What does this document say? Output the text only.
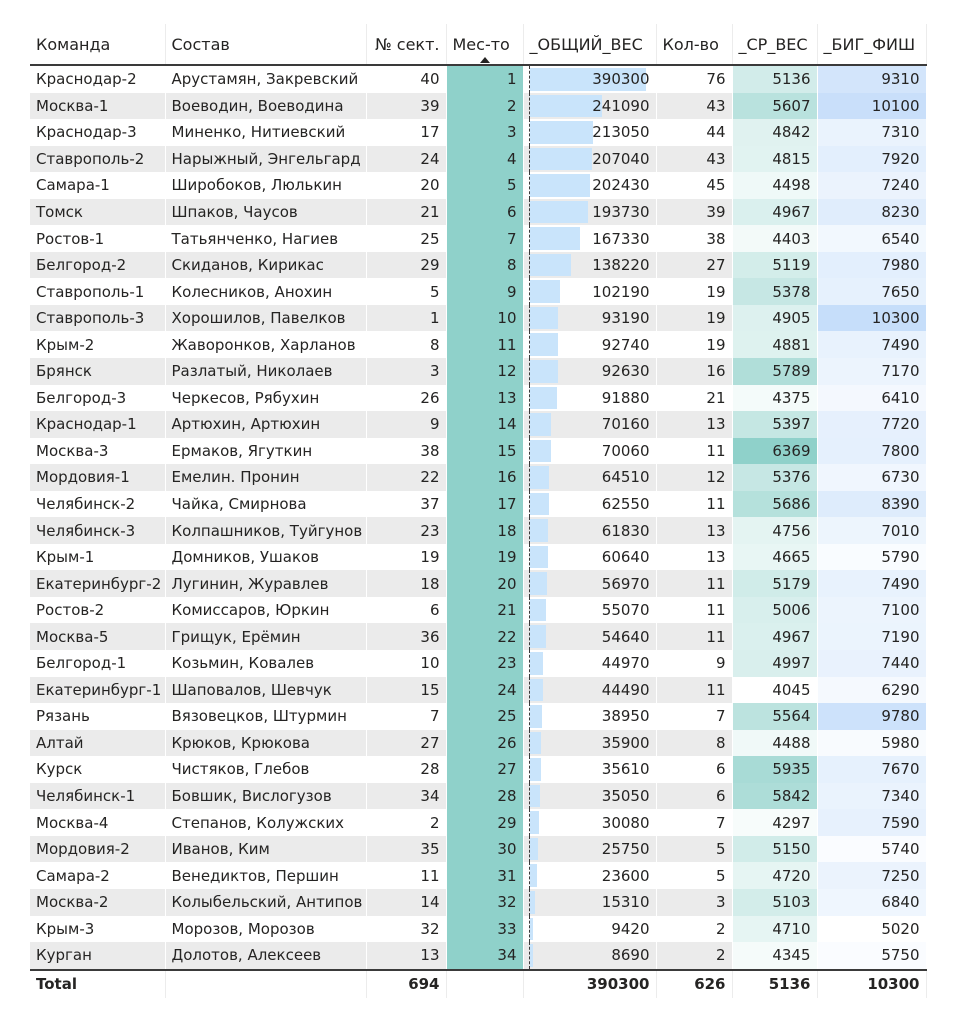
Команда	Состав	№ сект.	Мес-то	_ОБЩИЙ_ВЕС	Кол-во	_СР_ВЕС	_БИГ_ФИШ
Краснодар-2	Арустамян, Закревский	40	1	390300	76	5136	9310
Москва-1	Воеводин, Воеводина	39	2	241090	43	5607	10100
Краснодар-3	Миненко, Нитиевский	17	3	213050	44	4842	7310
Ставрополь-2	Нарыжный, Энгельгард	24	4	207040	43	4815	7920
Самара-1	Широбоков, Люлькин	20	5	202430	45	4498	7240
Томск	Шпаков, Чаусов	21	6	193730	39	4967	8230
Ростов-1	Татьянченко, Нагиев	25	7	167330	38	4403	6540
Белгород-2	Скиданов, Кирикас	29	8	138220	27	5119	7980
Ставрополь-1	Колесников, Анохин	5	9	102190	19	5378	7650
Ставрополь-3	Хорошилов, Павелков	1	10	93190	19	4905	10300
Крым-2	Жаворонков, Харланов	8	11	92740	19	4881	7490
Брянск	Разлатый, Николаев	3	12	92630	16	5789	7170
Белгород-3	Черкесов, Рябухин	26	13	91880	21	4375	6410
Краснодар-1	Артюхин, Артюхин	9	14	70160	13	5397	7720
Москва-3	Ермаков, Ягуткин	38	15	70060	11	6369	7800
Мордовия-1	Емелин. Пронин	22	16	64510	12	5376	6730
Челябинск-2	Чайка, Смирнова	37	17	62550	11	5686	8390
Челябинск-3	Колпашников, Туйгунов	23	18	61830	13	4756	7010
Крым-1	Домников, Ушаков	19	19	60640	13	4665	5790
Екатеринбург-2	Лугинин, Журавлев	18	20	56970	11	5179	7490
Ростов-2	Комиссаров, Юркин	6	21	55070	11	5006	7100
Москва-5	Грищук, Ерёмин	36	22	54640	11	4967	7190
Белгород-1	Козьмин, Ковалев	10	23	44970	9	4997	7440
Екатеринбург-1	Шаповалов, Шевчук	15	24	44490	11	4045	6290
Рязань	Вязовецков, Штурмин	7	25	38950	7	5564	9780
Алтай	Крюков, Крюкова	27	26	35900	8	4488	5980
Курск	Чистяков, Глебов	28	27	35610	6	5935	7670
Челябинск-1	Бовшик, Вислогузов	34	28	35050	6	5842	7340
Москва-4	Степанов, Колужских	2	29	30080	7	4297	7590
Мордовия-2	Иванов, Ким	35	30	25750	5	5150	5740
Самара-2	Венедиктов, Першин	11	31	23600	5	4720	7250
Москва-2	Колыбельский, Антипов	14	32	15310	3	5103	6840
Крым-3	Морозов, Морозов	32	33	9420	2	4710	5020
Курган	Долотов, Алексеев	13	34	8690	2	4345	5750
Total		694		390300	626	5136	10300
